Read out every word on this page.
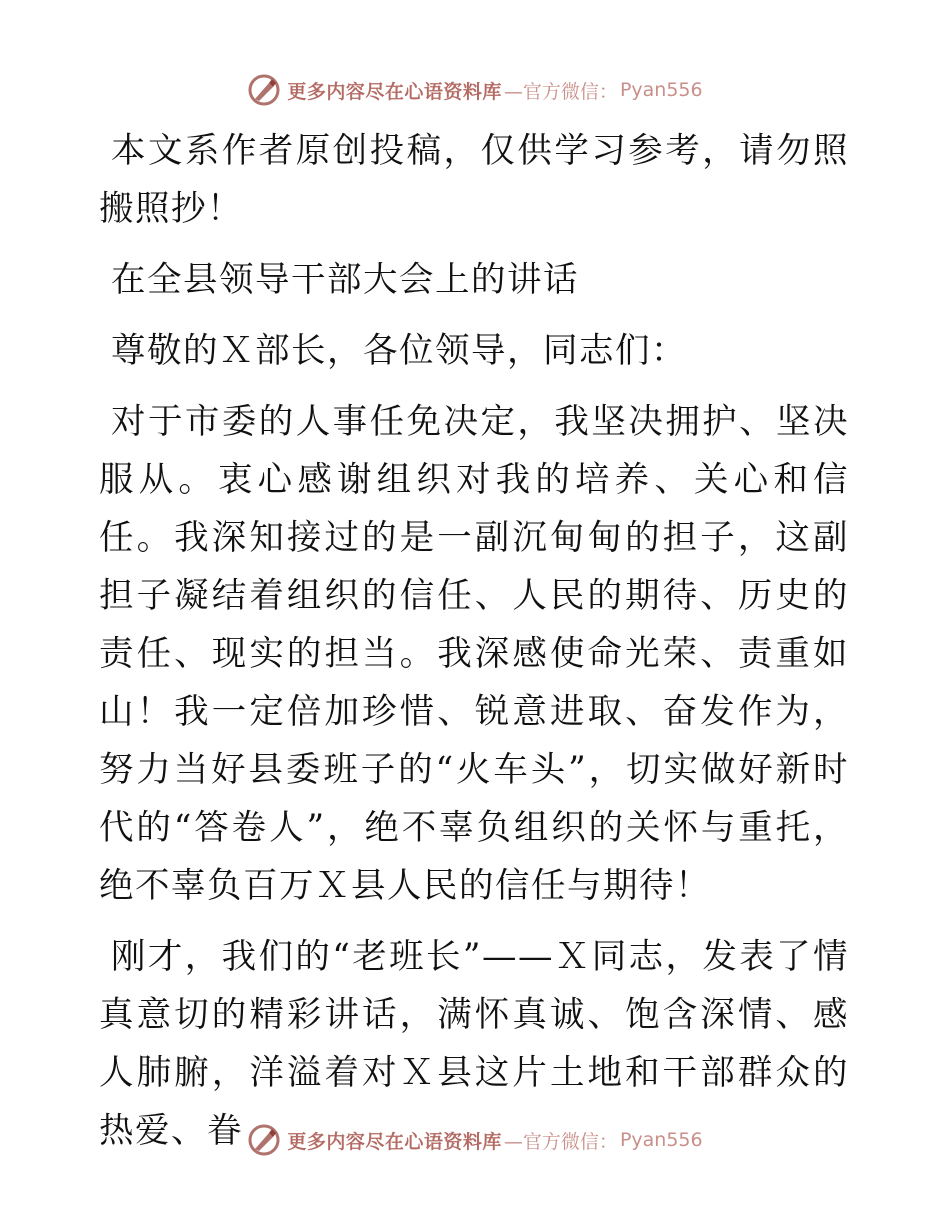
更多内容尽在心语资料库 —官方微信： Pyan556

本文系作者原创投稿，仅供学习参考，请勿照搬照抄！

在全县领导干部大会上的讲话

尊敬的Ｘ部长，各位领导，同志们：

对于市委的人事任免决定，我坚决拥护、坚决服从。衷心感谢组织对我的培养、关心和信任。我深知接过的是一副沉甸甸的担子，这副担子凝结着组织的信任、人民的期待、历史的责任、现实的担当。我深感使命光荣、责重如山！我一定倍加珍惜、锐意进取、奋发作为，努力当好县委班子的“火车头”，切实做好新时代的“答卷人”，绝不辜负组织的关怀与重托，绝不辜负百万Ｘ县人民的信任与期待！

刚才，我们的“老班长”——Ｘ同志，发表了情真意切的精彩讲话，满怀真诚、饱含深情、感人肺腑，洋溢着对Ｘ县这片土地和干部群众的热爱、眷	更多内容尽在心语资料库 —官方微信： Pyan556
